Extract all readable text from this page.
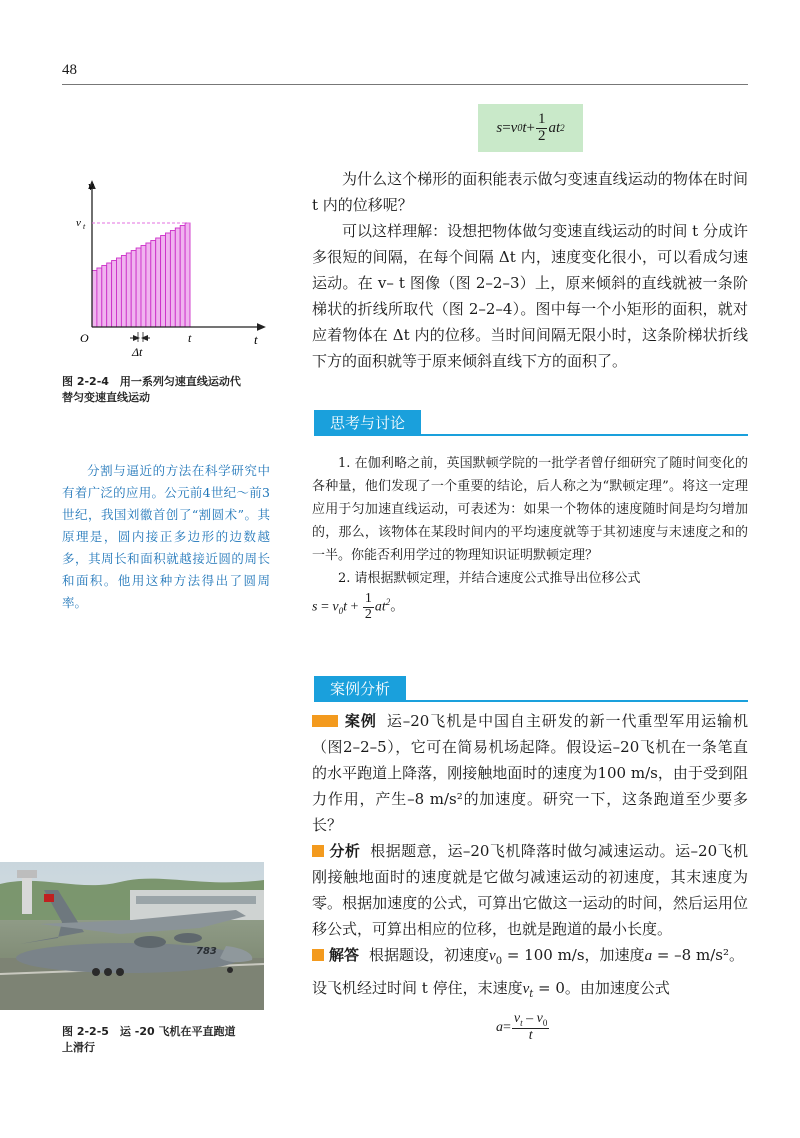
48
s = v 0 $t + \frac{1}{2}$ at 2
v
t
v t
O	t
Δt
图 2-2-4　用一系列匀速直线运动代
替匀变速直线运动

为什么这个梯形的面积能表示做匀变速直线运动的物体在时间 t 内的位移呢？

可以这样理解：设想把物体做匀变速直线运动的时间 t 分成许多很短的间隔，在每个间隔 Δt 内，速度变化很小，可以看成匀速运动。在 v– t 图像（图 2–2–3）上，原来倾斜的直线就被一条阶梯状的折线所取代（图 2–2–4）。图中每一个小矩形的面积，就对应着物体在 Δt 内的位移。当时间间隔无限小时，这条阶梯状折线下方的面积就等于原来倾斜直线下方的面积了。

思考与讨论
分割与逼近的方法在科学研究中有着广泛的应用。公元前4世纪～前3世纪，我国刘徽首创了“割圆术”。其原理是，圆内接正多边形的边数越多，其周长和面积就越接近圆的周长和面积。他用这种方法得出了圆周率。
1. 在伽利略之前，英国默顿学院的一批学者曾仔细研究了随时间变化的各种量，他们发现了一个重要的结论，后人称之为“默顿定理”。将这一定理应用于匀加速直线运动，可表述为：如果一个物体的速度随时间是均匀增加的，那么，该物体在某段时间内的平均速度就等于其初速度与末速度之和的一半。你能否利用学过的物理知识证明默顿定理？
2. 请根据默顿定理，并结合速度公式推导出位移公式
$s = v_0t + \frac{1}{2} at^2$。
案例分析

案例 运–20飞机是中国自主研发的新一代重型军用运输机（图2–2–5），它可在简易机场起降。假设运–20飞机在一条笔直的水平跑道上降落，刚接触地面时的速度为100 m/s，由于受到阻力作用，产生–8 m/s²的加速度。研究一下，这条跑道至少要多长？

分析 根据题意，运–20飞机降落时做匀减速运动。运–20飞机刚接触地面时的速度就是它做匀减速运动的初速度，其末速度为零。根据加速度的公式，可算出它做这一运动的时间，然后运用位移公式，可算出相应的位移，也就是跑道的最小长度。

解答 根据题设，初速度$v_0 = 100$ m/s，加速度a = –8 m/s²。
设飞机经过时间 t 停住，末速度$v_t = 0$。由加速度公式

$a = \frac{v_t - v_0}{t}$
783
图 2-2-5　运 -20 飞机在平直跑道
上滑行
